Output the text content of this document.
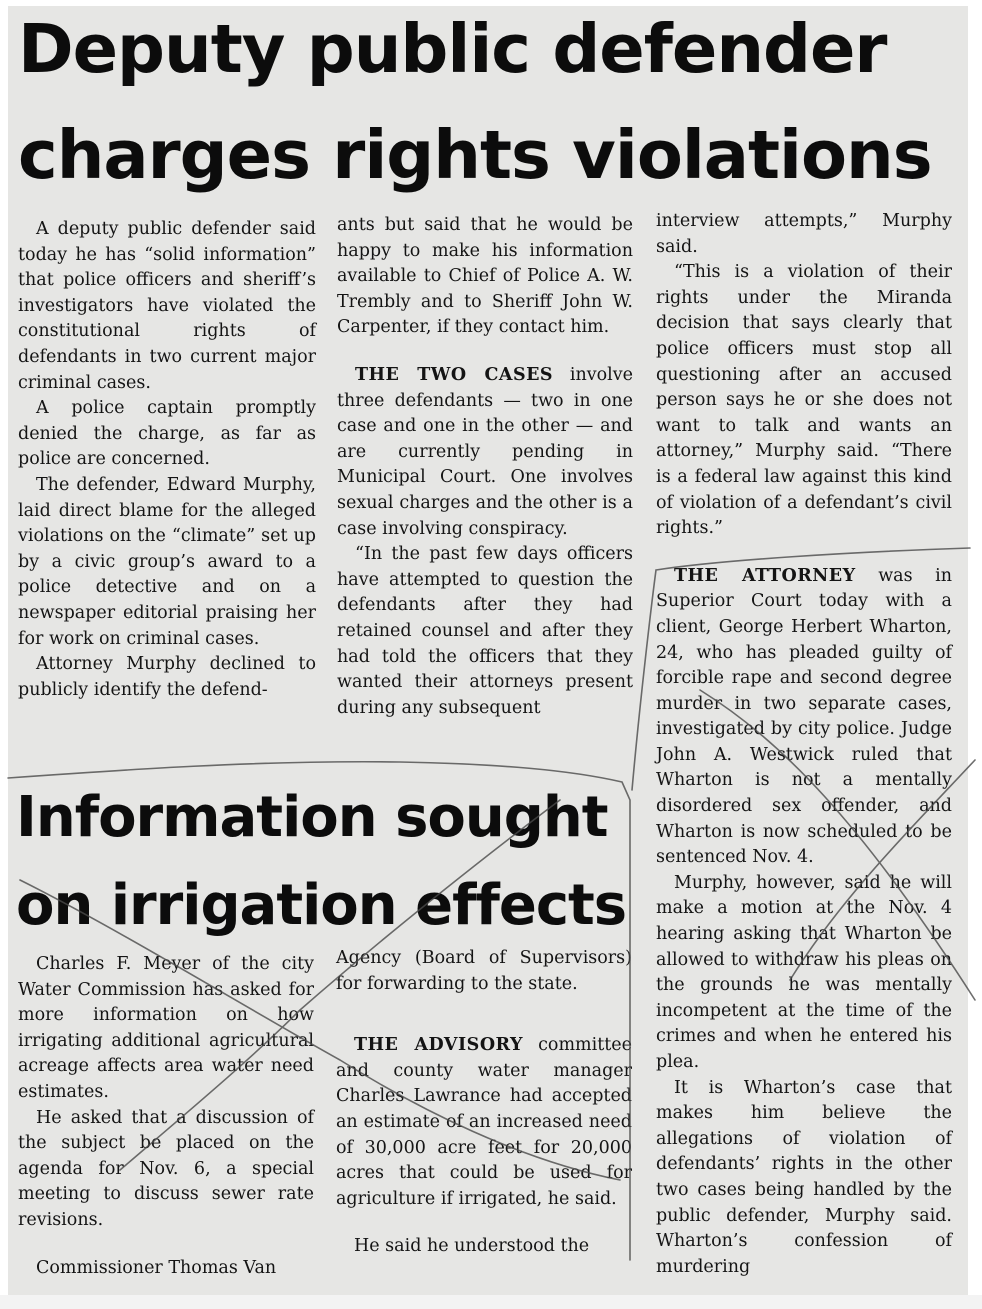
Deputy public defender
charges rights violations

A deputy public defender said today he has “solid information” that police officers and sheriff’s investigators have violated the constitutional rights of defendants in two current major criminal cases.

A police captain promptly denied the charge, as far as police are concerned.

The defender, Edward Murphy, laid direct blame for the alleged violations on the “climate” set up by a civic group’s award to a police detective and on a newspaper editorial praising her for work on criminal cases.

Attorney Murphy declined to publicly identify the defend-

ants but said that he would be happy to make his information available to Chief of Police A. W. Trembly and to Sheriff John W. Carpenter, if they contact him.

THE TWO CASES involve three defendants — two in one case and one in the other — and are currently pending in Municipal Court. One involves sexual charges and the other is a case involving conspiracy.

“In the past few days officers have attempted to question the defendants after they had retained counsel and after they had told the officers that they wanted their attorneys present during any subsequent

interview attempts,” Murphy said.

“This is a violation of their rights under the Miranda decision that says clearly that police officers must stop all questioning after an accused person says he or she does not want to talk and wants an attorney,” Murphy said. “There is a federal law against this kind of violation of a defendant’s civil rights.”

THE ATTORNEY was in Superior Court today with a client, George Herbert Wharton, 24, who has pleaded guilty of forcible rape and second degree murder in two separate cases, investigated by city police. Judge John A. Westwick ruled that Wharton is not a mentally disordered sex offender, and Wharton is now scheduled to be sentenced Nov. 4.

Murphy, however, said he will make a motion at the Nov. 4 hearing asking that Wharton be allowed to withdraw his pleas on the grounds he was mentally incompetent at the time of the crimes and when he entered his plea.

It is Wharton’s case that makes him believe the allegations of violation of defendants’ rights in the other two cases being handled by the public defender, Murphy said. Wharton’s confession of murdering

Information sought
on irrigation effects

Charles F. Meyer of the city Water Commission has asked for more information on how irrigating additional agricultural acreage affects area water need estimates.

He asked that a discussion of the subject be placed on the agenda for Nov. 6, a special meeting to discuss sewer rate revisions.

Commissioner Thomas Van

Agency (Board of Supervisors) for forwarding to the state.

THE ADVISORY committee and county water manager Charles Lawrance had accepted an estimate of an increased need of 30,000 acre feet for 20,000 acres that could be used for agriculture if irrigated, he said.

He said he understood the
